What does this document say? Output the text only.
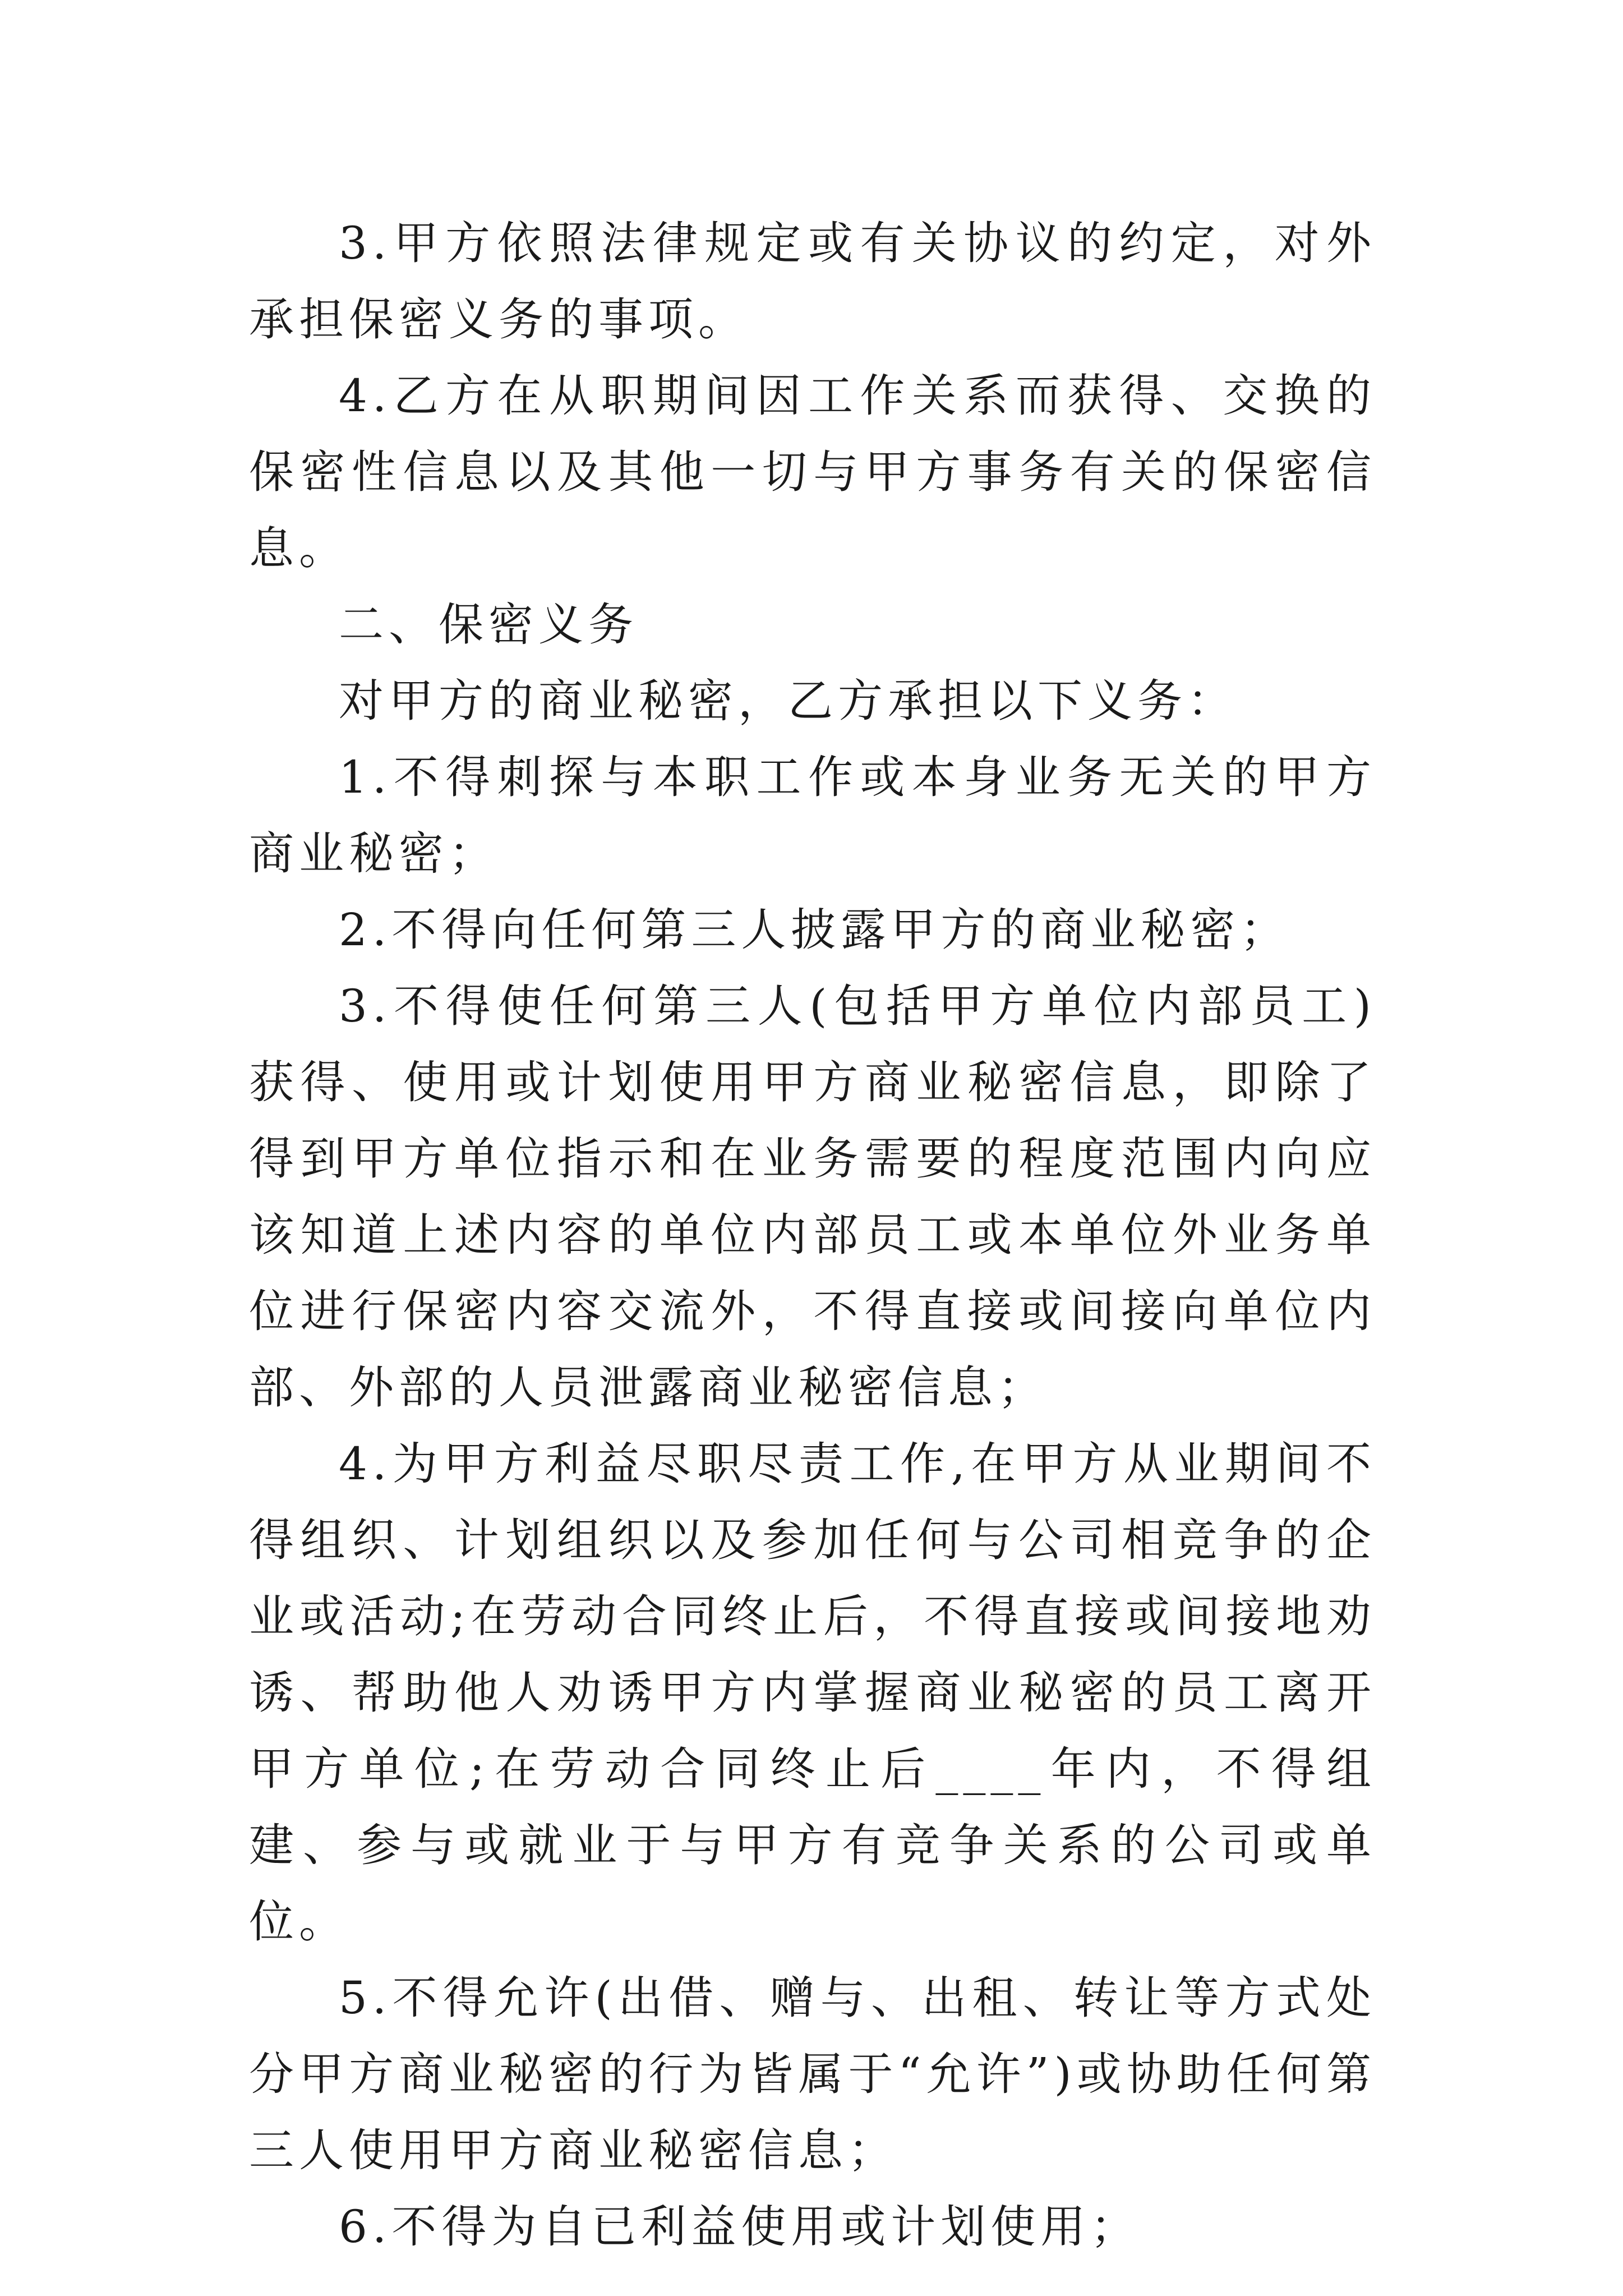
3.甲方依照法律规定或有关协议的约定，对外承担保密义务的事项。

4.乙方在从职期间因工作关系而获得、交换的保密性信息以及其他一切与甲方事务有关的保密信息。

二、保密义务

对甲方的商业秘密，乙方承担以下义务：

1.不得刺探与本职工作或本身业务无关的甲方商业秘密；

2.不得向任何第三人披露甲方的商业秘密；

3.不得使任何第三人(包括甲方单位内部员工)获得、使用或计划使用甲方商业秘密信息，即除了得到甲方单位指示和在业务需要的程度范围内向应该知道上述内容的单位内部员工或本单位外业务单位进行保密内容交流外，不得直接或间接向单位内部、外部的人员泄露商业秘密信息；

4.为甲方利益尽职尽责工作,在甲方从业期间不得组织、计划组织以及参加任何与公司相竞争的企业或活动;在劳动合同终止后，不得直接或间接地劝诱、帮助他人劝诱甲方内掌握商业秘密的员工离开甲方单位;在劳动合同终止后____年内，不得组建、参与或就业于与甲方有竞争关系的公司或单位。

5.不得允许(出借、赠与、出租、转让等方式处分甲方商业秘密的行为皆属于“允许”)或协助任何第三人使用甲方商业秘密信息；

6.不得为自已利益使用或计划使用；
